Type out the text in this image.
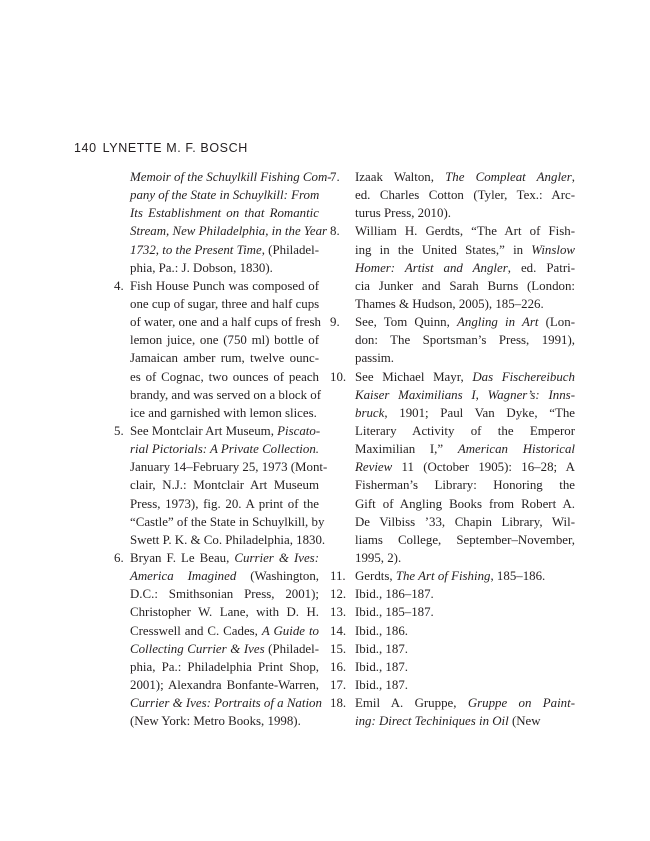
140 LYNETTE M. F. BOSCH
Memoir of the Schuylkill Fishing Com-
pany of the State in Schuylkill: From
Its Establishment on that Romantic
Stream, New Philadelphia, in the Year
1732, to the Present Time, (Philadel-
phia, Pa.: J. Dobson, 1830).
4. Fish House Punch was composed of
one cup of sugar, three and half cups
of water, one and a half cups of fresh
lemon juice, one (750 ml) bottle of
Jamaican amber rum, twelve ounc-
es of Cognac, two ounces of peach
brandy, and was served on a block of
ice and garnished with lemon slices.
5. See Montclair Art Museum, Piscato-
rial Pictorials: A Private Collection.
January 14–February 25, 1973 (Mont-
clair, N.J.: Montclair Art Museum
Press, 1973), fig. 20. A print of the
“Castle” of the State in Schuylkill, by
Swett P. K. & Co. Philadelphia, 1830.
6. Bryan F. Le Beau, Currier & Ives:
America Imagined (Washington,
D.C.: Smithsonian Press, 2001);
Christopher W. Lane, with D. H.
Cresswell and C. Cades, A Guide to
Collecting Currier & Ives (Philadel-
phia, Pa.: Philadelphia Print Shop,
2001); Alexandra Bonfante-Warren,
Currier & Ives: Portraits of a Nation
(New York: Metro Books, 1998).
7. Izaak Walton, The Compleat Angler,
ed. Charles Cotton (Tyler, Tex.: Arc-
turus Press, 2010).
8. William H. Gerdts, “The Art of Fish-
ing in the United States,” in Winslow
Homer: Artist and Angler, ed. Patri-
cia Junker and Sarah Burns (London:
Thames & Hudson, 2005), 185–226.
9. See, Tom Quinn, Angling in Art (Lon-
don: The Sportsman’s Press, 1991),
passim.
10. See Michael Mayr, Das Fischereibuch
Kaiser Maximilians I, Wagner’s: Inns-
bruck, 1901; Paul Van Dyke, “The
Literary Activity of the Emperor
Maximilian I,” American Historical
Review 11 (October 1905): 16–28; A
Fisherman’s Library: Honoring the
Gift of Angling Books from Robert A.
De Vilbiss ’33, Chapin Library, Wil-
liams College, September–November,
1995, 2).
11. Gerdts, The Art of Fishing, 185–186.
12. Ibid., 186–187.
13. Ibid., 185–187.
14. Ibid., 186.
15. Ibid., 187.
16. Ibid., 187.
17. Ibid., 187.
18. Emil A. Gruppe, Gruppe on Paint-
ing: Direct Techiniques in Oil (New
